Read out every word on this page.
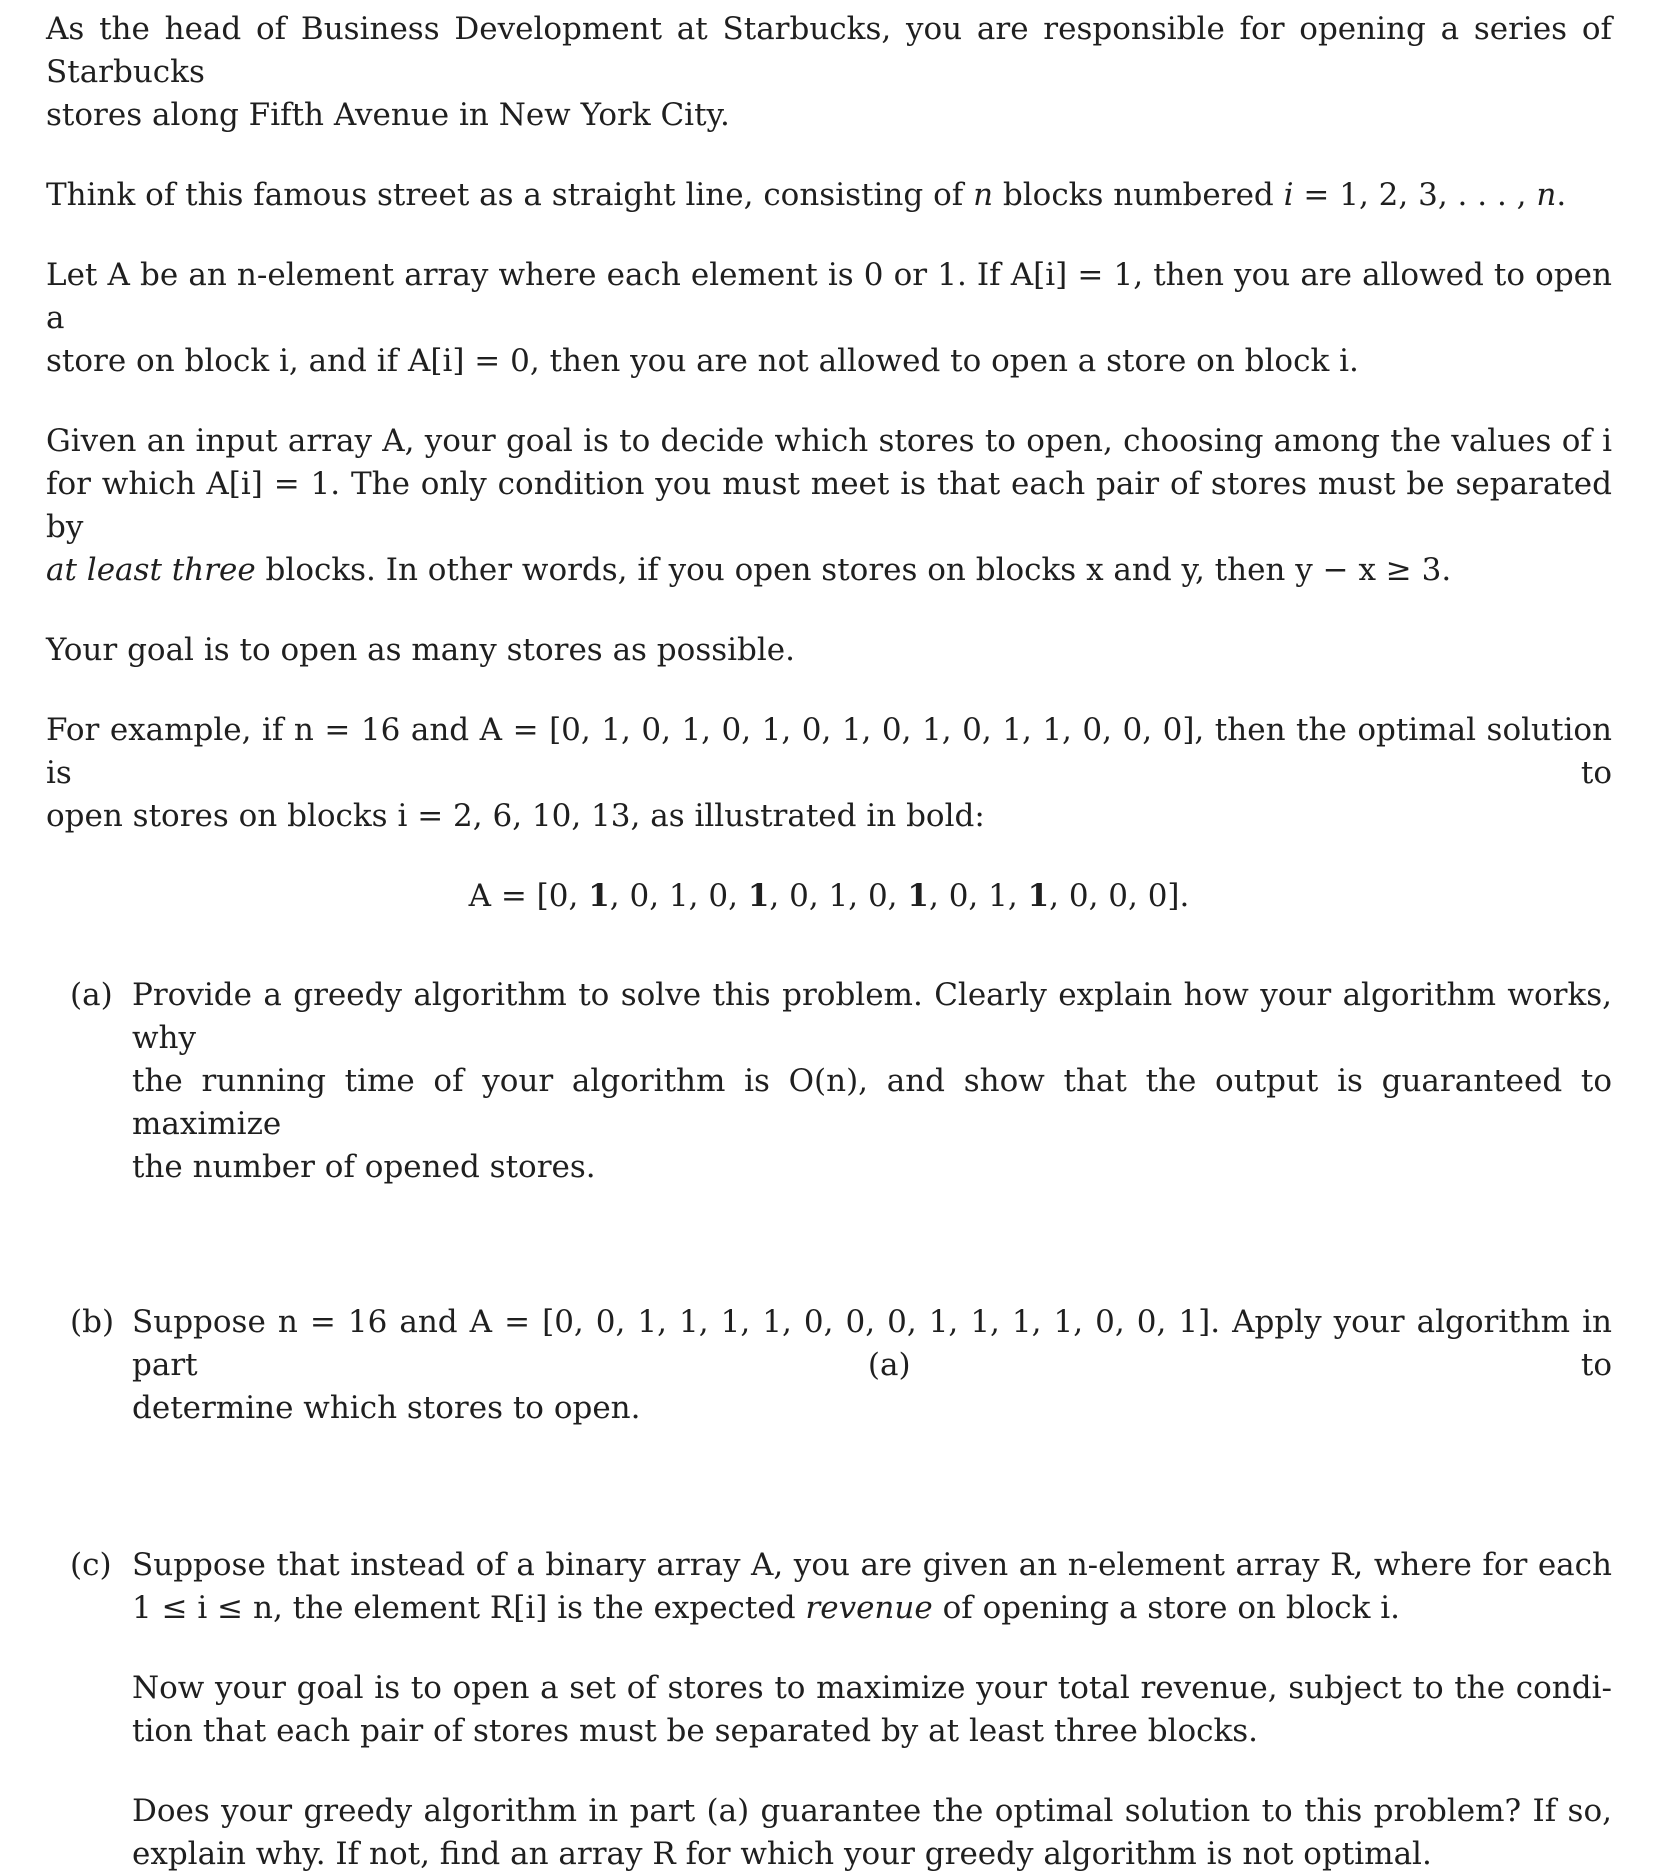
As the head of Business Development at Starbucks, you are responsible for opening a series of Starbucks
stores along Fifth Avenue in New York City.

Think of this famous street as a straight line, consisting of n blocks numbered i = 1, 2, 3, . . . , n.

Let A be an n-element array where each element is 0 or 1. If A[i] = 1, then you are allowed to open a
store on block i, and if A[i] = 0, then you are not allowed to open a store on block i.

Given an input array A, your goal is to decide which stores to open, choosing among the values of i
for which A[i] = 1. The only condition you must meet is that each pair of stores must be separated by
at least three blocks. In other words, if you open stores on blocks x and y, then y − x ≥ 3.

Your goal is to open as many stores as possible.

For example, if n = 16 and A = [0, 1, 0, 1, 0, 1, 0, 1, 0, 1, 0, 1, 1, 0, 0, 0], then the optimal solution is to
open stores on blocks i = 2, 6, 10, 13, as illustrated in bold:

A = [0, 1, 0, 1, 0, 1, 0, 1, 0, 1, 0, 1, 1, 0, 0, 0].

(a) Provide a greedy algorithm to solve this problem. Clearly explain how your algorithm works, why
the running time of your algorithm is O(n), and show that the output is guaranteed to maximize
the number of opened stores.
(b) Suppose n = 16 and A = [0, 0, 1, 1, 1, 1, 0, 0, 0, 1, 1, 1, 1, 0, 0, 1]. Apply your algorithm in part (a) to
determine which stores to open.
(c) Suppose that instead of a binary array A, you are given an n-element array R, where for each
1 ≤ i ≤ n, the element R[i] is the expected revenue of opening a store on block i.
Now your goal is to open a set of stores to maximize your total revenue, subject to the condi-
tion that each pair of stores must be separated by at least three blocks.
Does your greedy algorithm in part (a) guarantee the optimal solution to this problem? If so,
explain why. If not, find an array R for which your greedy algorithm is not optimal.
